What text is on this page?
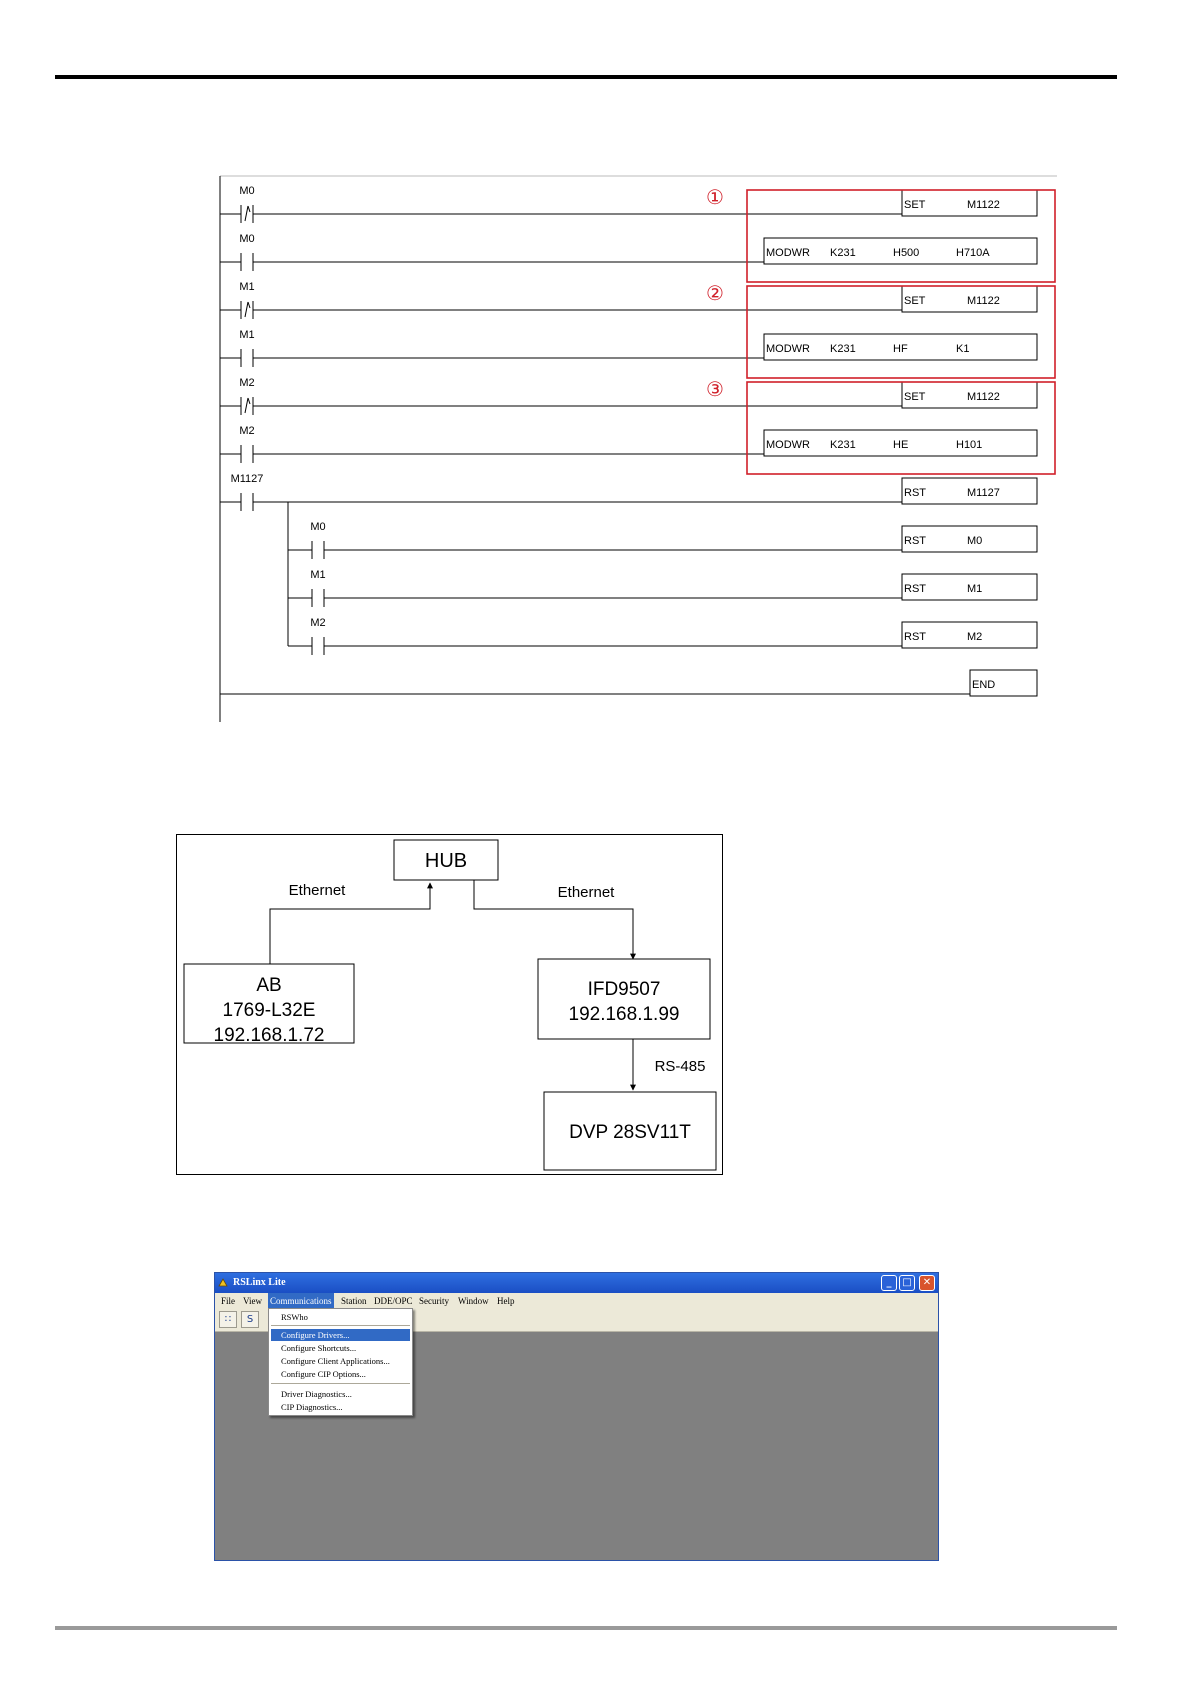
M0
SET	M1122
M0
MODWR K231	H500	H710A
M1
SET	M1122
M1
MODWR K231	HF	K1
M2
SET	M1122
M2
MODWR K231	HE	H101
M1127
RST	M1127
M0
RST	M0
M1
RST	M1
M2
RST	M2
END
①
②
③
HUB
Ethernet	Ethernet
AB
1769-L32E
192.168.1.72
IFD9507
192.168.1.99
RS-485
DVP 28SV11T
RSLinx Lite	_	□	✕
File View Communications Station DDE/OPC Security Window Help
∷	S	RSWho
Configure Drivers...
Configure Shortcuts...
Configure Client Applications...
Configure CIP Options...
Driver Diagnostics...
CIP Diagnostics...
